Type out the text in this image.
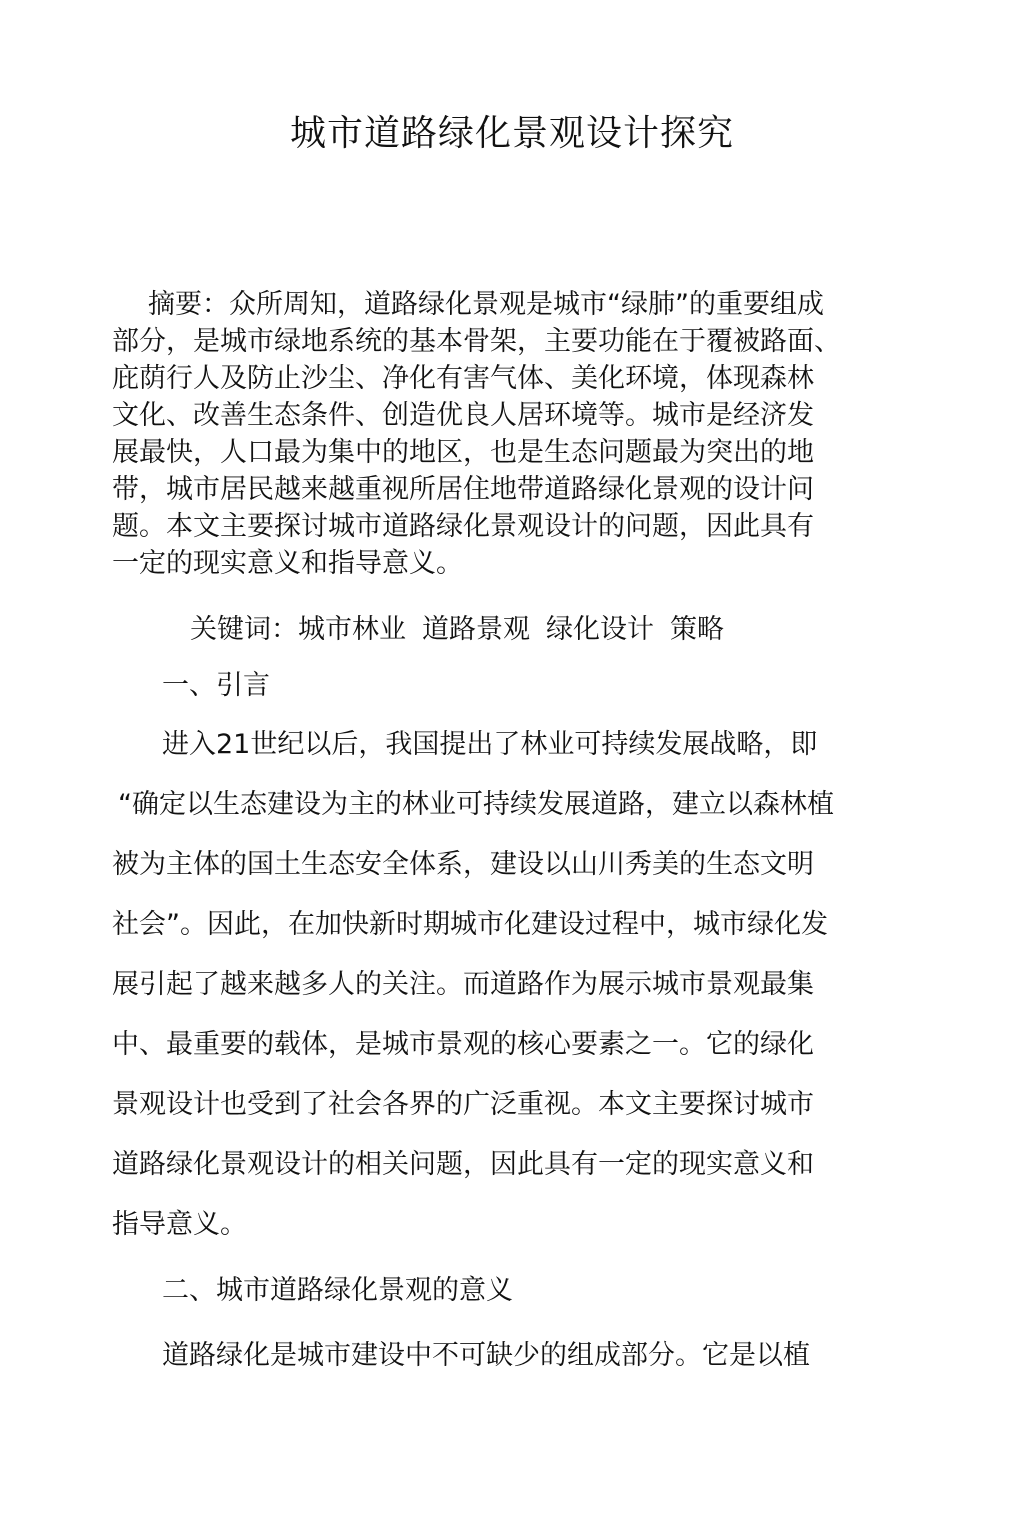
城市道路绿化景观设计探究

摘要：众所周知，道路绿化景观是城市“绿肺”的重要组成

部分，是城市绿地系统的基本骨架，主要功能在于覆被路面、

庇荫行人及防止沙尘、净化有害气体、美化环境，体现森林

文化、改善生态条件、创造优良人居环境等。城市是经济发

展最快，人口最为集中的地区，也是生态问题最为突出的地

带，城市居民越来越重视所居住地带道路绿化景观的设计问

题。本文主要探讨城市道路绿化景观设计的问题，因此具有

一定的现实意义和指导意义。

关键词：城市林业 道路景观 绿化设计 策略

一、引言

进入21世纪以后，我国提出了林业可持续发展战略，即

“确定以生态建设为主的林业可持续发展道路，建立以森林植

被为主体的国土生态安全体系，建设以山川秀美的生态文明

社会”。因此，在加快新时期城市化建设过程中，城市绿化发

展引起了越来越多人的关注。而道路作为展示城市景观最集

中、最重要的载体，是城市景观的核心要素之一。它的绿化

景观设计也受到了社会各界的广泛重视。本文主要探讨城市

道路绿化景观设计的相关问题，因此具有一定的现实意义和

指导意义。

二、城市道路绿化景观的意义

道路绿化是城市建设中不可缺少的组成部分。它是以植
